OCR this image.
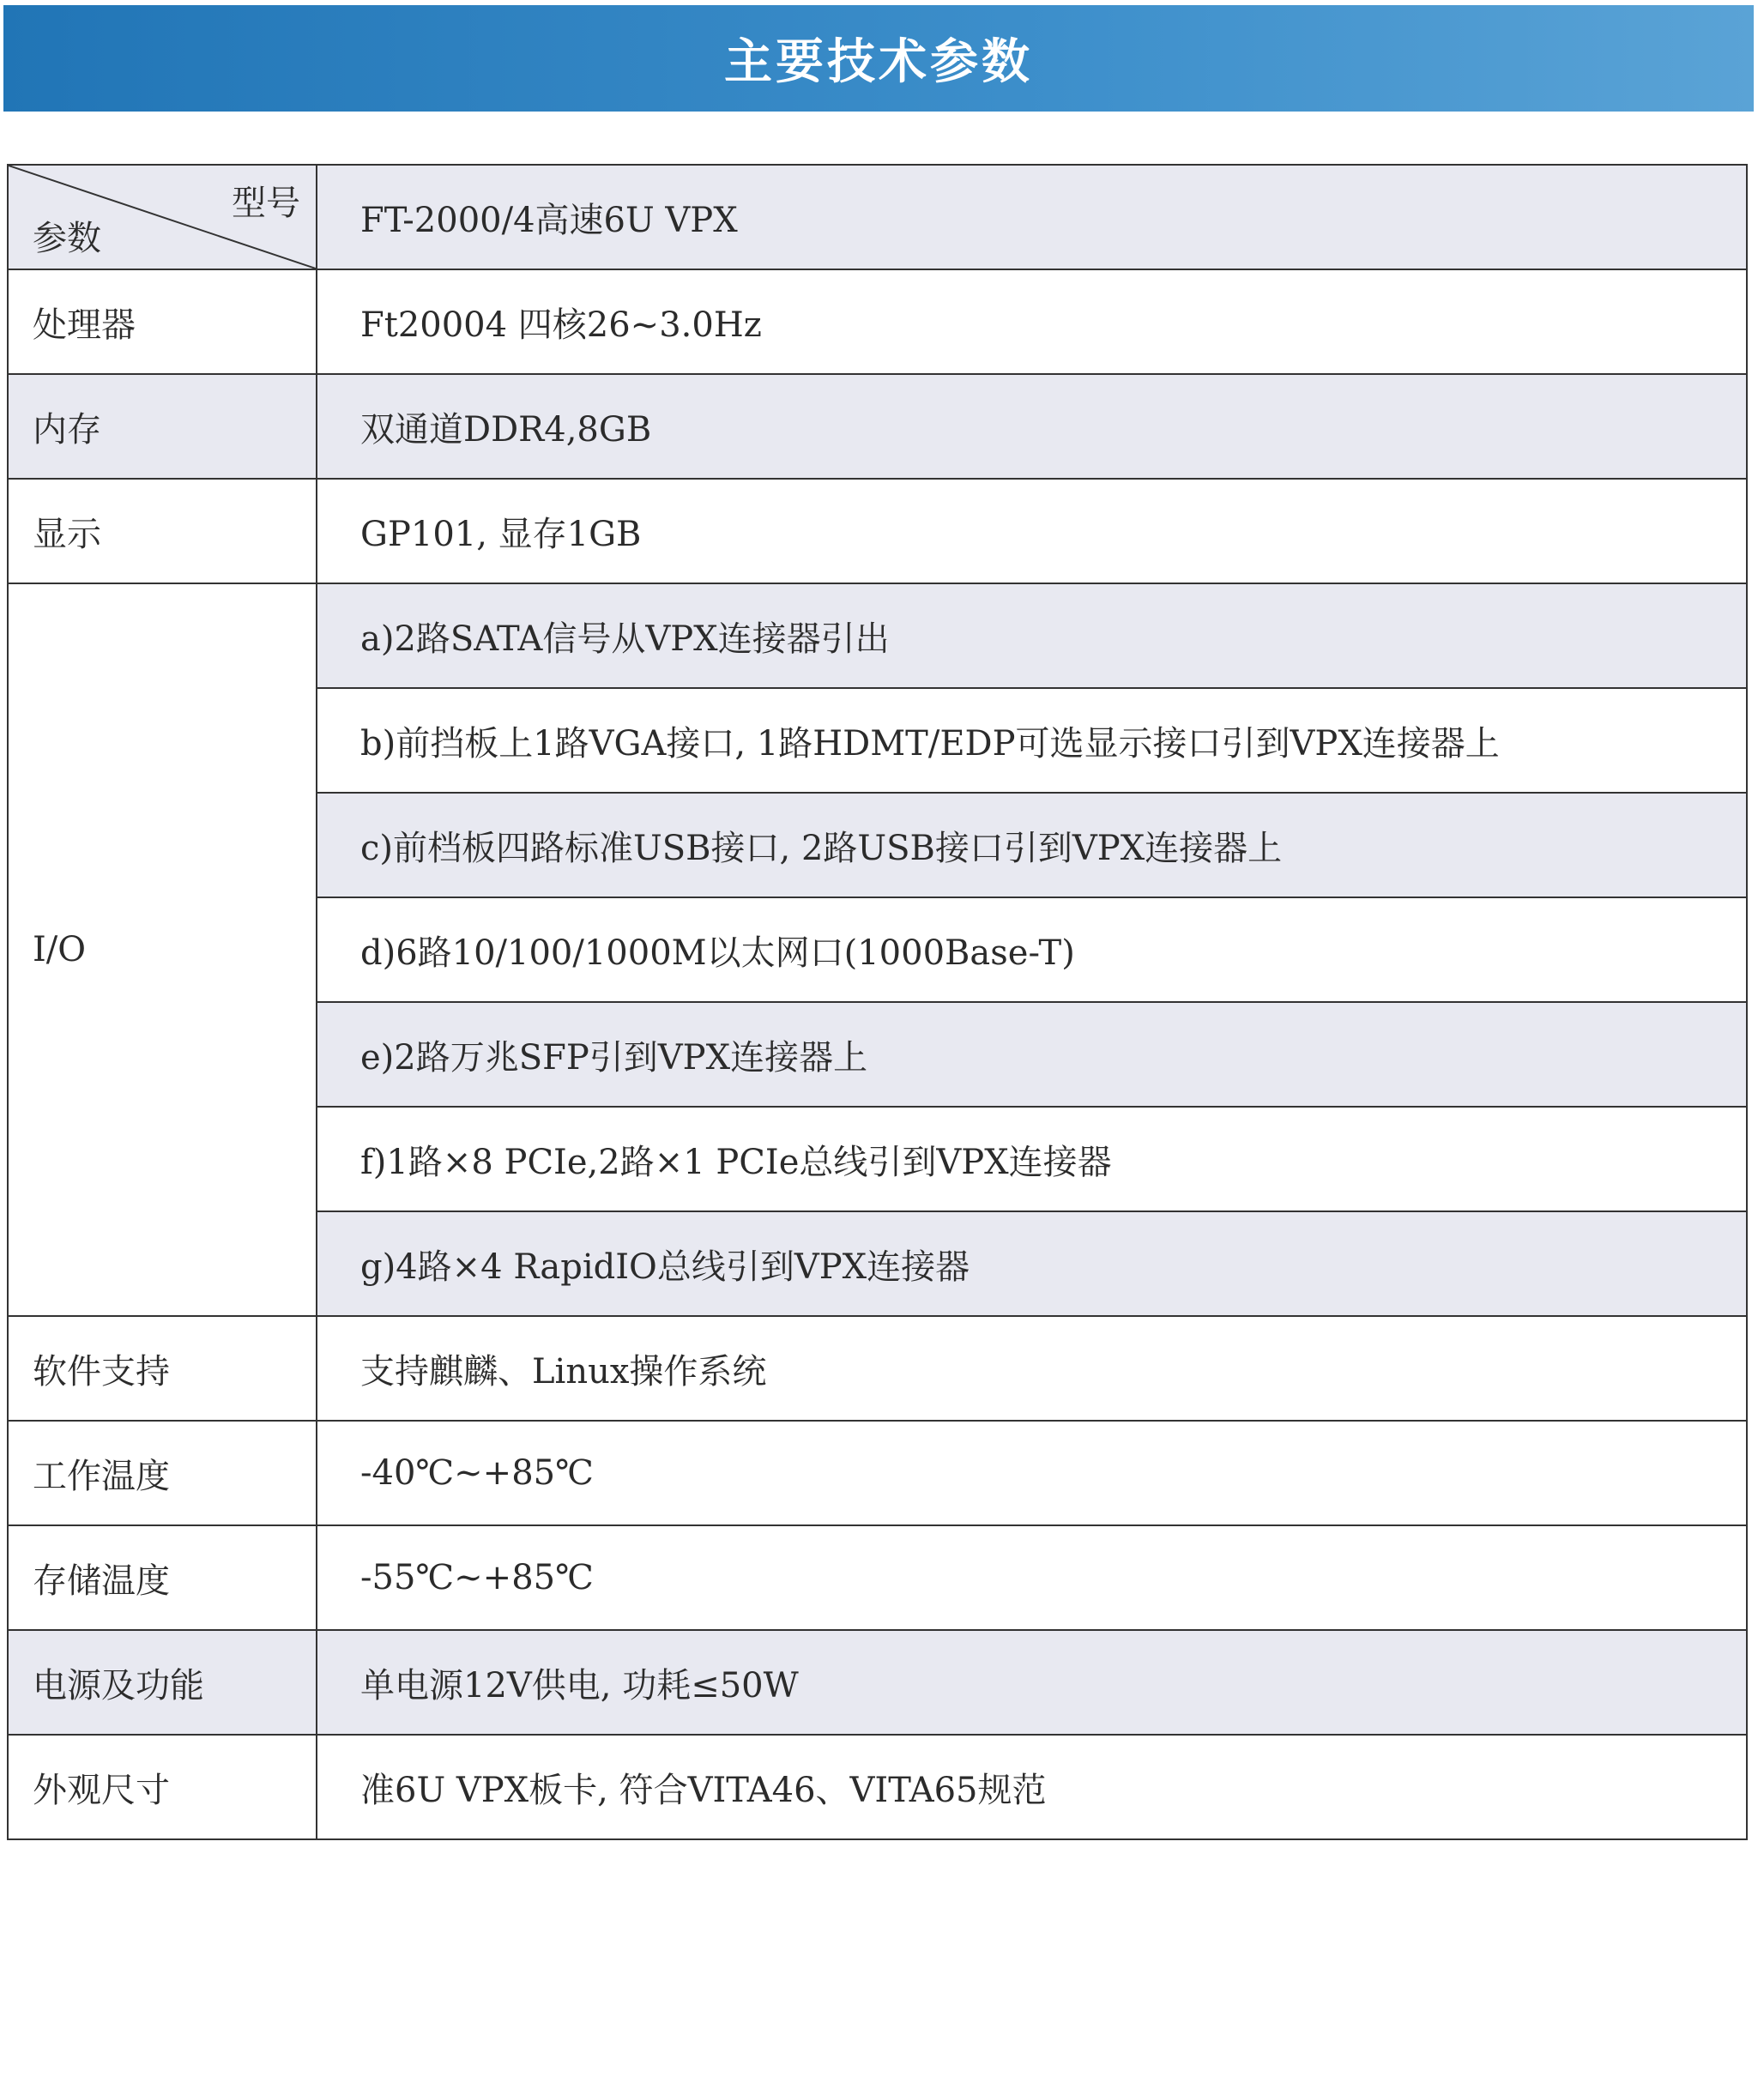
主要技术参数
型号
参数	FT-2000/4高速6U VPX
处理器	Ft20004 四核26~3.0Hz
内存	双通道DDR4,8GB
显示	GP101, 显存1GB
I/O	a)2路SATA信号从VPX连接器引出
	b)前挡板上1路VGA接口, 1路HDMT/EDP可选显示接口引到VPX连接器上
	c)前档板四路标准USB接口, 2路USB接口引到VPX连接器上
	d)6路10/100/1000M以太网口(1000Base-T)
	e)2路万兆SFP引到VPX连接器上
	f)1路×8 PCIe,2路×1 PCIe总线引到VPX连接器
	g)4路×4 RapidIO总线引到VPX连接器
软件支持	支持麒麟、Linux操作系统
工作温度	-40℃~+85℃
存储温度	-55℃~+85℃
电源及功能	单电源12V供电, 功耗≤50W
外观尺寸	准6U VPX板卡, 符合VITA46、VITA65规范
